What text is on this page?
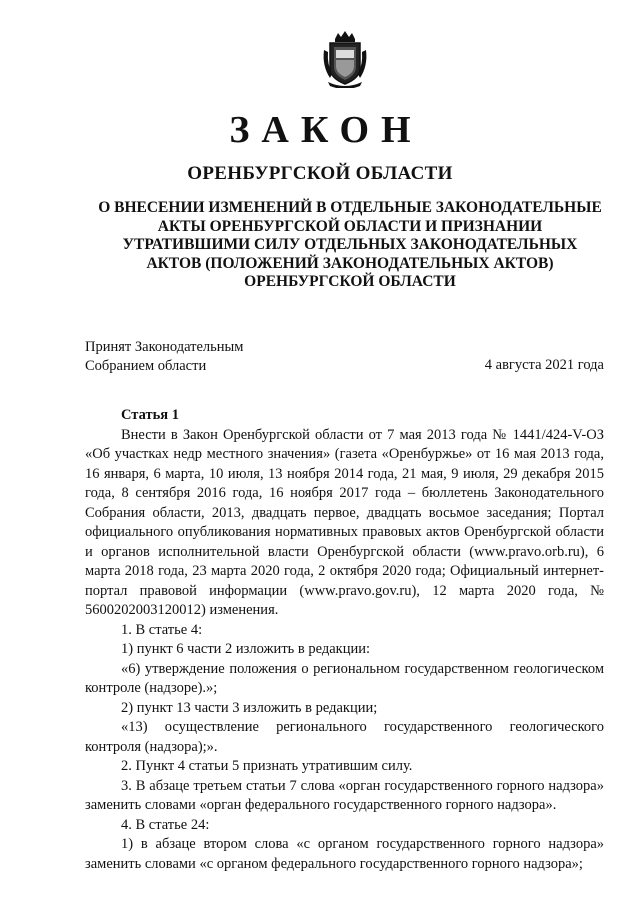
ЗАКОН
ОРЕНБУРГСКОЙ ОБЛАСТИ
О ВНЕСЕНИИ ИЗМЕНЕНИЙ В ОТДЕЛЬНЫЕ ЗАКОНОДАТЕЛЬНЫЕ
АКТЫ ОРЕНБУРГСКОЙ ОБЛАСТИ И ПРИЗНАНИИ
УТРАТИВШИМИ СИЛУ ОТДЕЛЬНЫХ ЗАКОНОДАТЕЛЬНЫХ
АКТОВ (ПОЛОЖЕНИЙ ЗАКОНОДАТЕЛЬНЫХ АКТОВ)
ОРЕНБУРГСКОЙ ОБЛАСТИ
Принят Законодательным
Собранием области	4 августа 2021 года

Статья 1

Внести в Закон Оренбургской области от 7 мая 2013 года № 1441/424-V-ОЗ «Об участках недр местного значения» (газета «Оренбуржье» от 16 мая 2013 года, 16 января, 6 марта, 10 июля, 13 ноября 2014 года, 21 мая, 9 июля, 29 декабря 2015 года, 8 сентября 2016 года, 16 ноября 2017 года – бюллетень Законодательного Собрания области, 2013, двадцать первое, двадцать восьмое заседания; Портал официального опубликования нормативных правовых актов Оренбургской области и органов исполнительной власти Оренбургской области (www.pravo.orb.ru), 6 марта 2018 года, 23 марта 2020 года, 2 октября 2020 года; Официальный интернет-портал правовой информации (www.pravo.gov.ru), 12 марта 2020 года, № 5600202003120012) изменения.

1. В статье 4:

1) пункт 6 части 2 изложить в редакции:

«6) утверждение положения о региональном государственном геологическом контроле (надзоре).»;

2) пункт 13 части 3 изложить в редакции;

«13) осуществление регионального государственного геологического контроля (надзора);».

2. Пункт 4 статьи 5 признать утратившим силу.

3. В абзаце третьем статьи 7 слова «орган государственного горного надзора» заменить словами «орган федерального государственного горного надзора».

4. В статье 24:

1) в абзаце втором слова «с органом государственного горного надзора» заменить словами «с органом федерального государственного горного надзора»;
